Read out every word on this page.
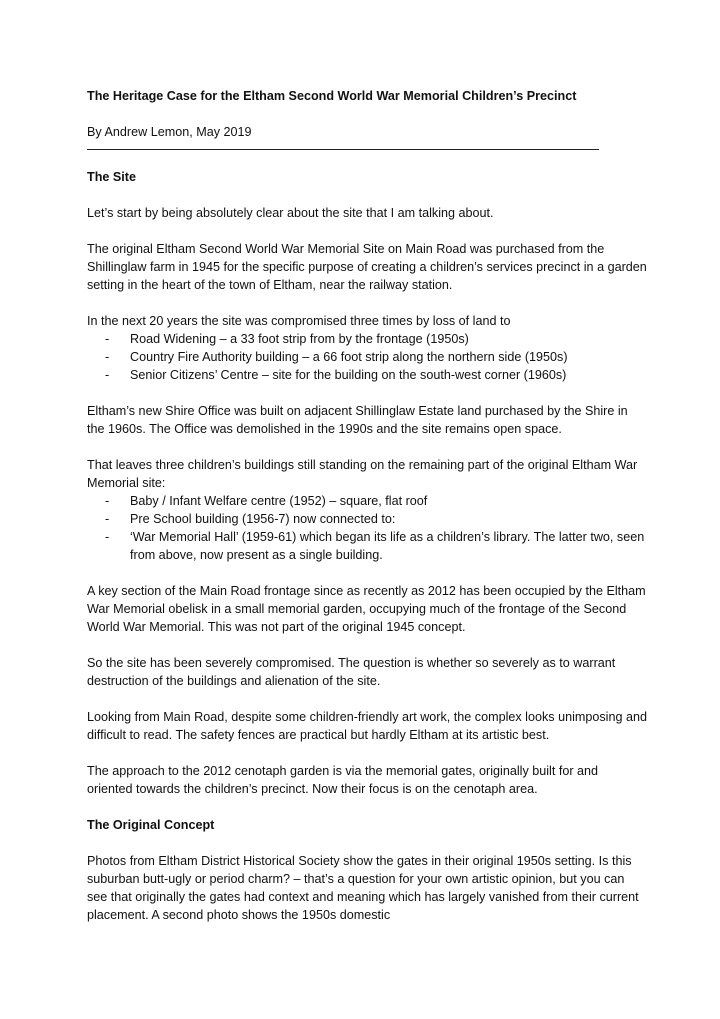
The Heritage Case for the Eltham Second World War Memorial Children’s Precinct
By Andrew Lemon, May 2019
The Site

Let’s start by being absolutely clear about the site that I am talking about.

The original Eltham Second World War Memorial Site on Main Road was purchased from the Shillinglaw farm in 1945 for the specific purpose of creating a children’s services precinct in a garden setting in the heart of the town of Eltham, near the railway station.

In the next 20 years the site was compromised three times by loss of land to

- Road Widening – a 33 foot strip from by the frontage (1950s)
- Country Fire Authority building – a 66 foot strip along the northern side (1950s)
- Senior Citizens’ Centre – site for the building on the south-west corner (1960s)

Eltham’s new Shire Office was built on adjacent Shillinglaw Estate land purchased by the Shire in the 1960s. The Office was demolished in the 1990s and the site remains open space.

That leaves three children’s buildings still standing on the remaining part of the original Eltham War Memorial site:

- Baby / Infant Welfare centre (1952) – square, flat roof
- Pre School building (1956-7) now connected to:
- ‘War Memorial Hall’ (1959-61) which began its life as a children’s library. The latter two, seen from above, now present as a single building.

A key section of the Main Road frontage since as recently as 2012 has been occupied by the Eltham War Memorial obelisk in a small memorial garden, occupying much of the frontage of the Second World War Memorial. This was not part of the original 1945 concept.

So the site has been severely compromised. The question is whether so severely as to warrant destruction of the buildings and alienation of the site.

Looking from Main Road, despite some children-friendly art work, the complex looks unimposing and difficult to read. The safety fences are practical but hardly Eltham at its artistic best.

The approach to the 2012 cenotaph garden is via the memorial gates, originally built for and oriented towards the children’s precinct. Now their focus is on the cenotaph area.

The Original Concept

Photos from Eltham District Historical Society show the gates in their original 1950s setting. Is this suburban butt-ugly or period charm? – that’s a question for your own artistic opinion, but you can see that originally the gates had context and meaning which has largely vanished from their current placement. A second photo shows the 1950s domestic
